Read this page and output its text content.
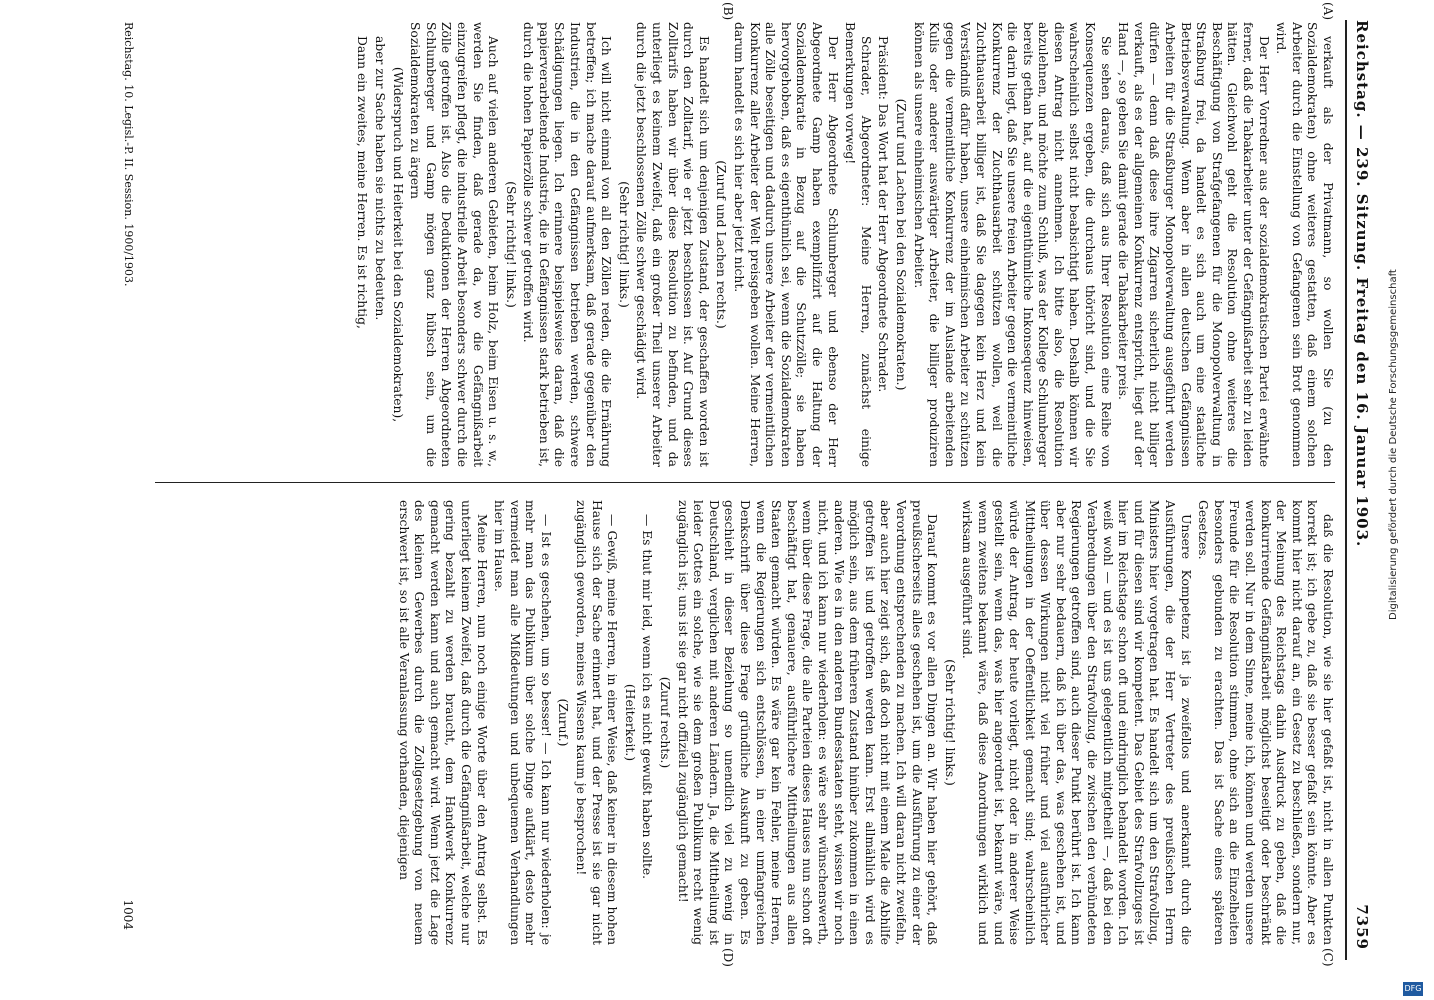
Reichstag. — 239. Sitzung. Freitag den 16. Januar 1903.
7359
(A)
(B)
(C)
(D)

verkauft als der Privatmann, so wollen Sie (zu den Sozialdemokraten) ohne weiteres gestatten, daß einem solchen Arbeiter durch die Einstellung von Gefangenen sein Brot genommen wird.

Der Herr Vorredner aus der sozialdemokratischen Partei erwähnte ferner, daß die Tabakarbeiter unter der Gefängnißarbeit sehr zu leiden hätten. Gleichwohl geht die Resolution ohne weiteres die Beschäftigung von Strafgefangenen für die Monopolverwaltung in Straßburg frei, da handelt es sich auch um eine staatliche Betriebsverwaltung. Wenn aber in allen deutschen Gefängnissen Arbeiten für die Straßburger Monopolverwaltung ausgeführt werden dürfen — denn daß diese ihre Zigarren sicherlich nicht billiger verkauft, als es der allgemeinen Konkurrenz entspricht, liegt auf der Hand —, so geben Sie damit gerade die Tabakarbeiter preis.

Sie sehen daraus, daß sich aus Ihrer Resolution eine Reihe von Konsequenzen ergeben, die durchaus thöricht sind, und die Sie wahrscheinlich selbst nicht beabsichtigt haben. Deshalb können wir diesen Antrag nicht annehmen. Ich bitte also, die Resolution abzulehnen, und möchte zum Schluß, was der Kollege Schlumberger bereits gethan hat, auf die eigenthümliche Inkonsequenz hinweisen, die darin liegt, daß Sie unsere freien Arbeiter gegen die vermeintliche Konkurrenz der Zuchthausarbeit schützen wollen, weil die Zuchthausarbeit billiger ist, daß Sie dagegen kein Herz und kein Verständniß dafür haben, unsere einheimischen Arbeiter zu schützen gegen die vermeintliche Konkurrenz der im Auslande arbeitenden Kulis oder anderer auswärtiger Arbeiter, die billiger produziren können als unsere einheimischen Arbeiter.

(Zuruf und Lachen bei den Sozialdemokraten.)

Präsident: Das Wort hat der Herr Abgeordnete Schrader.

Schrader, Abgeordneter: Meine Herren, zunächst einige Bemerkungen vorweg!

Der Herr Abgeordnete Schlumberger und ebenso der Herr Abgeordnete Gamp haben exemplifizirt auf die Haltung der Sozialdemokratie in Bezug auf die Schutzzölle; sie haben hervorgehoben, daß es eigenthümlich sei, wenn die Sozialdemokraten alle Zölle beseitigen und dadurch unsere Arbeiter der vermeintlichen Konkurrenz aller Arbeiter der Welt preisgeben wollen. Meine Herren, darum handelt es sich hier aber jetzt nicht.

(Zuruf und Lachen rechts.)

Es handelt sich um denjenigen Zustand, der geschaffen worden ist durch den Zolltarif, wie er jetzt beschlossen ist. Auf Grund dieses Zolltarifs haben wir über diese Resolution zu befinden, und da unterliegt es keinem Zweifel, daß ein großer Theil unserer Arbeiter durch die jetzt beschlossenen Zölle schwer geschädigt wird.

(Sehr richtig! links.)

Ich will nicht einmal von all den Zöllen reden, die die Ernährung betreffen; ich mache darauf aufmerksam, daß gerade gegenüber den Industrien, die in den Gefängnissen betrieben werden, schwere Schädigungen liegen. Ich erinnere beispielsweise daran, daß die papierverarbeitende Industrie, die in Gefängnissen stark betrieben ist, durch die hohen Papierzölle schwer getroffen wird.

(Sehr richtig! links.)

Auch auf vielen anderen Gebieten, beim Holz, beim Eisen u. s. w., werden Sie finden, daß gerade da, wo die Gefängnißarbeit einzugreifen pflegt, die industrielle Arbeit besonders schwer durch die Zölle getroffen ist. Also die Deduktionen der Herren Abgeordneten Schlumberger und Gamp mögen ganz hübsch sein, um die Sozialdemokraten zu ärgern

(Widerspruch und Heiterkeit bei den Sozialdemokraten),

aber zur Sache haben sie nichts zu bedeuten.

Dann ein zweites, meine Herren. Es ist richtig,

daß die Resolution, wie sie hier gefaßt ist, nicht in allen Punkten korrekt ist; ich gebe zu, daß sie besser gefaßt sein könnte. Aber es kommt hier nicht darauf an, ein Gesetz zu beschließen, sondern nur, der Meinung des Reichstags dahin Ausdruck zu geben, daß die konkurrirende Gefängnißarbeit möglichst beseitigt oder beschränkt werden soll. Nur in dem Sinne, meine ich, können und werden unsere Freunde für die Resolution stimmen, ohne sich an die Einzelheiten besonders gebunden zu erachten. Das ist Sache eines späteren Gesetzes.

Unsere Kompetenz ist ja zweifellos und anerkannt durch die Ausführungen, die der Herr Vertreter des preußischen Herrn Ministers hier vorgetragen hat. Es handelt sich um den Strafvollzug, und für diesen sind wir kompetent. Das Gebiet des Strafvollzuges ist hier im Reichstage schon oft und eindringlich behandelt worden. Ich weiß wohl — und es ist uns gelegentlich mitgetheilt —, daß bei den Verabredungen über den Strafvollzug, die zwischen den verbündeten Regierungen getroffen sind, auch dieser Punkt berührt ist. Ich kann aber nur sehr bedauern, daß ich über das, was geschehen ist, und über dessen Wirkungen nicht viel früher und viel ausführlicher Mittheilungen in der Oeffentlichkeit gemacht sind; wahrscheinlich würde der Antrag, der heute vorliegt, nicht oder in anderer Weise gestellt sein, wenn das, was hier angeordnet ist, bekannt wäre, und wenn zweitens bekannt wäre, daß diese Anordnungen wirklich und wirksam ausgeführt sind.

(Sehr richtig! links.)

Darauf kommt es vor allen Dingen an. Wir haben hier gehört, daß preußischerseits alles geschehen ist, um die Ausführung zu einer der Verordnung entsprechenden zu machen. Ich will daran nicht zweifeln, aber auch hier zeigt sich, daß doch nicht mit einem Male die Abhilfe getroffen ist und getroffen werden kann. Erst allmählich wird es möglich sein, aus dem früheren Zustand hinüber zukommen in einen anderen. Wie es in den anderen Bundesstaaten steht, wissen wir noch nicht, und ich kann nur wiederholen: es wäre sehr wünschenswerth, wenn über diese Frage, die alle Parteien dieses Hauses nun schon oft beschäftigt hat, genauere, ausführlichere Mittheilungen aus allen Staaten gemacht würden. Es wäre gar kein Fehler, meine Herren, wenn die Regierungen sich entschlössen, in einer umfangreichen Denkschrift über diese Frage gründliche Auskunft zu geben. Es geschieht in dieser Beziehung so unendlich viel zu wenig in Deutschland, verglichen mit anderen Ländern. Ja, die Mittheilung ist leider Gottes ein solche, wie sie dem großen Publikum recht wenig zugänglich ist; uns ist sie gar nicht offiziell zugänglich gemacht!

(Zuruf rechts.)

— Es thut mir leid, wenn ich es nicht gewußt haben sollte.

(Heiterkeit.)

— Gewiß, meine Herren, in einer Weise, daß keiner in diesem hohen Hause sich der Sache erinnert hat, und der Presse ist sie gar nicht zugänglich geworden, meines Wissens kaum je besprochen!

(Zuruf.)

— Ist es geschehen, um so besser! — Ich kann nur wiederholen: je mehr man das Publikum über solche Dinge aufklärt, desto mehr vermeidet man alle Mißdeutungen und unbequemen Verhandlungen hier im Hause.

Meine Herren, nun noch einige Worte über den Antrag selbst. Es unterliegt keinem Zweifel, daß durch die Gefängnißarbeit, welche nur gering bezahlt zu werden braucht, dem Handwerk Konkurrenz gemacht werden kann und auch gemacht wird. Wenn jetzt die Lage des kleinen Gewerbes durch die Zollgesetzgebung von neuem erschwert ist, so ist alle Veranlassung vorhanden, diejenigen

Reichstag. 10. Legisl.-P. II. Session. 1900/1903.
1004
Digitalisierung gefördert durch die Deutsche Forschungsgemeinschaft
DFG
